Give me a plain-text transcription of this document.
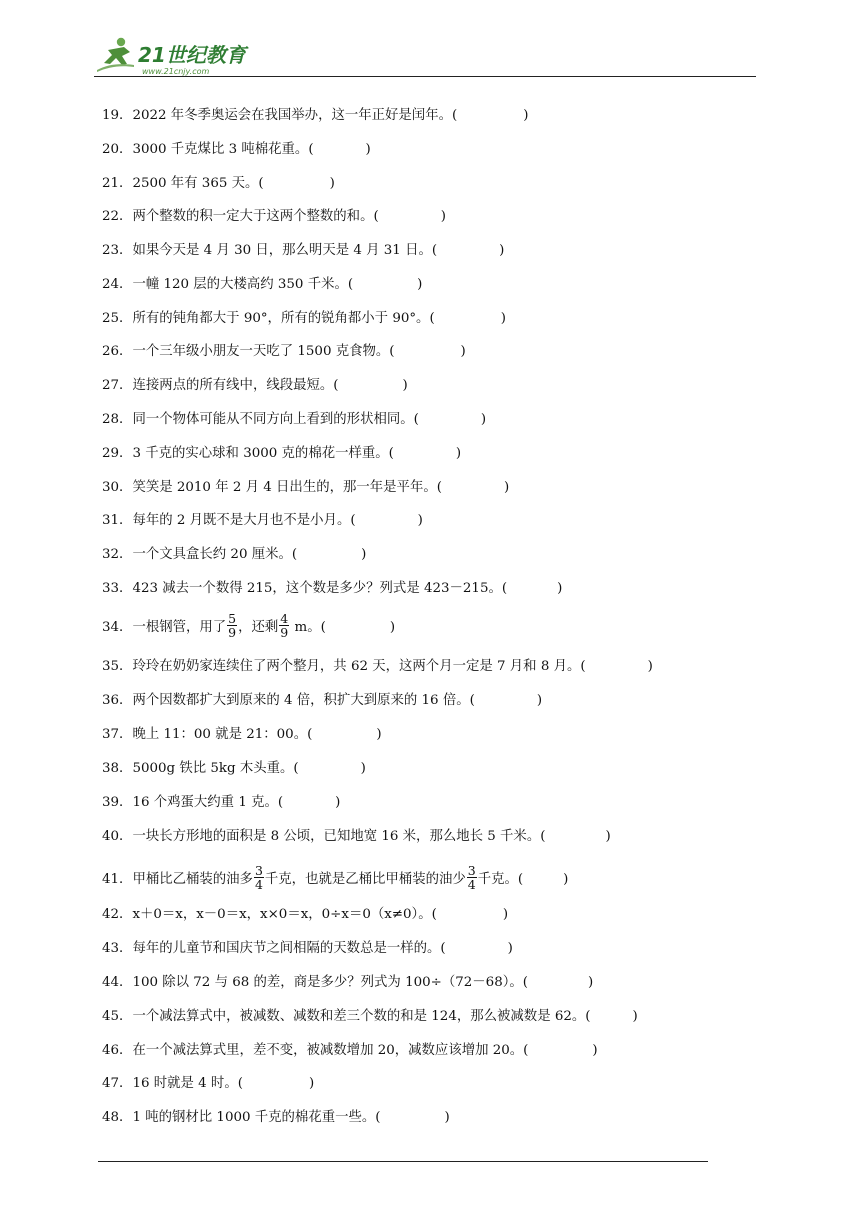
21世纪教育
www.21cnjy.com
19．2022 年冬季奥运会在我国举办，这一年正好是闰年。(	)
20．3000 千克煤比 3 吨棉花重。(	)
21．2500 年有 365 天。(	)
22．两个整数的积一定大于这两个整数的和。(	)
23．如果今天是 4 月 30 日，那么明天是 4 月 31 日。(	)
24．一幢 120 层的大楼高约 350 千米。(	)
25．所有的钝角都大于 90°，所有的锐角都小于 90°。(	)
26．一个三年级小朋友一天吃了 1500 克食物。(	)
27．连接两点的所有线中，线段最短。(	)
28．同一个物体可能从不同方向上看到的形状相同。(	)
29．3 千克的实心球和 3000 克的棉花一样重。(	)
30．笑笑是 2010 年 2 月 4 日出生的，那一年是平年。(	)
31．每年的 2 月既不是大月也不是小月。(	)
32．一个文具盒长约 20 厘米。(	)
33．423 减去一个数得 215，这个数是多少？列式是 423－215。(	)
34．一根钢管，用了 $\frac{5}{9}$ ，还剩 $\frac{4}{9}$ m。(	)
35．玲玲在奶奶家连续住了两个整月，共 62 天，这两个月一定是 7 月和 8 月。(	)
36．两个因数都扩大到原来的 4 倍，积扩大到原来的 16 倍。(	)
37．晚上 11：00 就是 21：00。(	)
38．5000g 铁比 5kg 木头重。(	)
39．16 个鸡蛋大约重 1 克。(	)
40．一块长方形地的面积是 8 公顷，已知地宽 16 米，那么地长 5 千米。(	)
41．甲桶比乙桶装的油多 $\frac{3}{4}$ 千克，也就是乙桶比甲桶装的油少 $\frac{3}{4}$ 千克。(	)
42．x＋0＝x，x－0＝x，x×0＝x，0÷x＝0（x≠0）。(	)
43．每年的儿童节和国庆节之间相隔的天数总是一样的。(	)
44．100 除以 72 与 68 的差，商是多少？列式为 100÷（72－68）。(	)
45．一个减法算式中，被减数、减数和差三个数的和是 124，那么被减数是 62。(	)
46．在一个减法算式里，差不变，被减数增加 20，减数应该增加 20。(	)
47．16 时就是 4 时。(	)
48．1 吨的钢材比 1000 千克的棉花重一些。(	)
